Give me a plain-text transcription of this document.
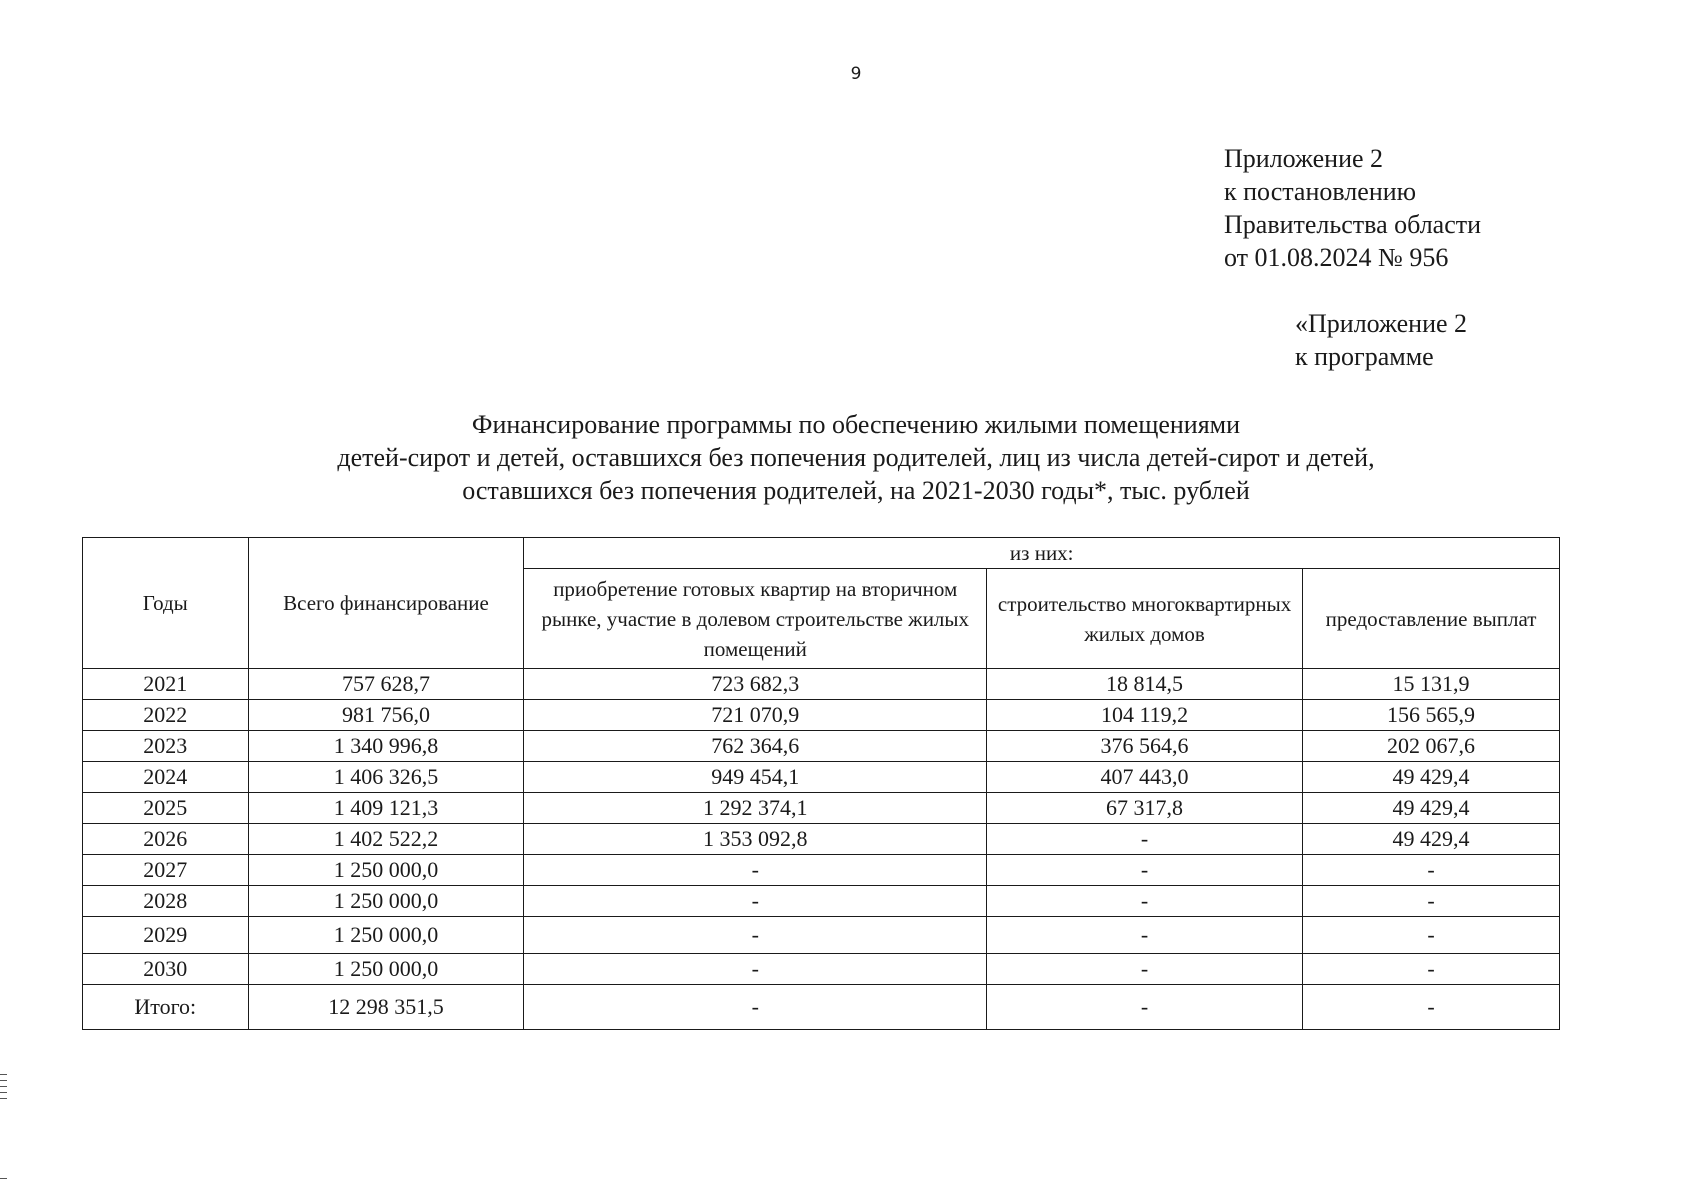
9
Приложение 2
к постановлению
Правительства области
от 01.08.2024 № 956
«Приложение 2
к программе
Финансирование программы по обеспечению жилыми помещениями
детей-сирот и детей, оставшихся без попечения родителей, лиц из числа детей-сирот и детей,
оставшихся без попечения родителей, на 2021-2030 годы*, тыс. рублей
Годы	Всего финансирование	из них:		
		приобретение готовых квартир на вторичном рынке, участие в долевом строительстве жилых помещений	строительство многоквартирных жилых домов	предоставление выплат
2021	757 628,7	723 682,3	18 814,5	15 131,9
2022	981 756,0	721 070,9	104 119,2	156 565,9
2023	1 340 996,8	762 364,6	376 564,6	202 067,6
2024	1 406 326,5	949 454,1	407 443,0	49 429,4
2025	1 409 121,3	1 292 374,1	67 317,8	49 429,4
2026	1 402 522,2	1 353 092,8	-	49 429,4
2027	1 250 000,0	-	-	-
2028	1 250 000,0	-	-	-
2029	1 250 000,0	-	-	-
2030	1 250 000,0	-	-	-
Итого:	12 298 351,5	-	-	-
